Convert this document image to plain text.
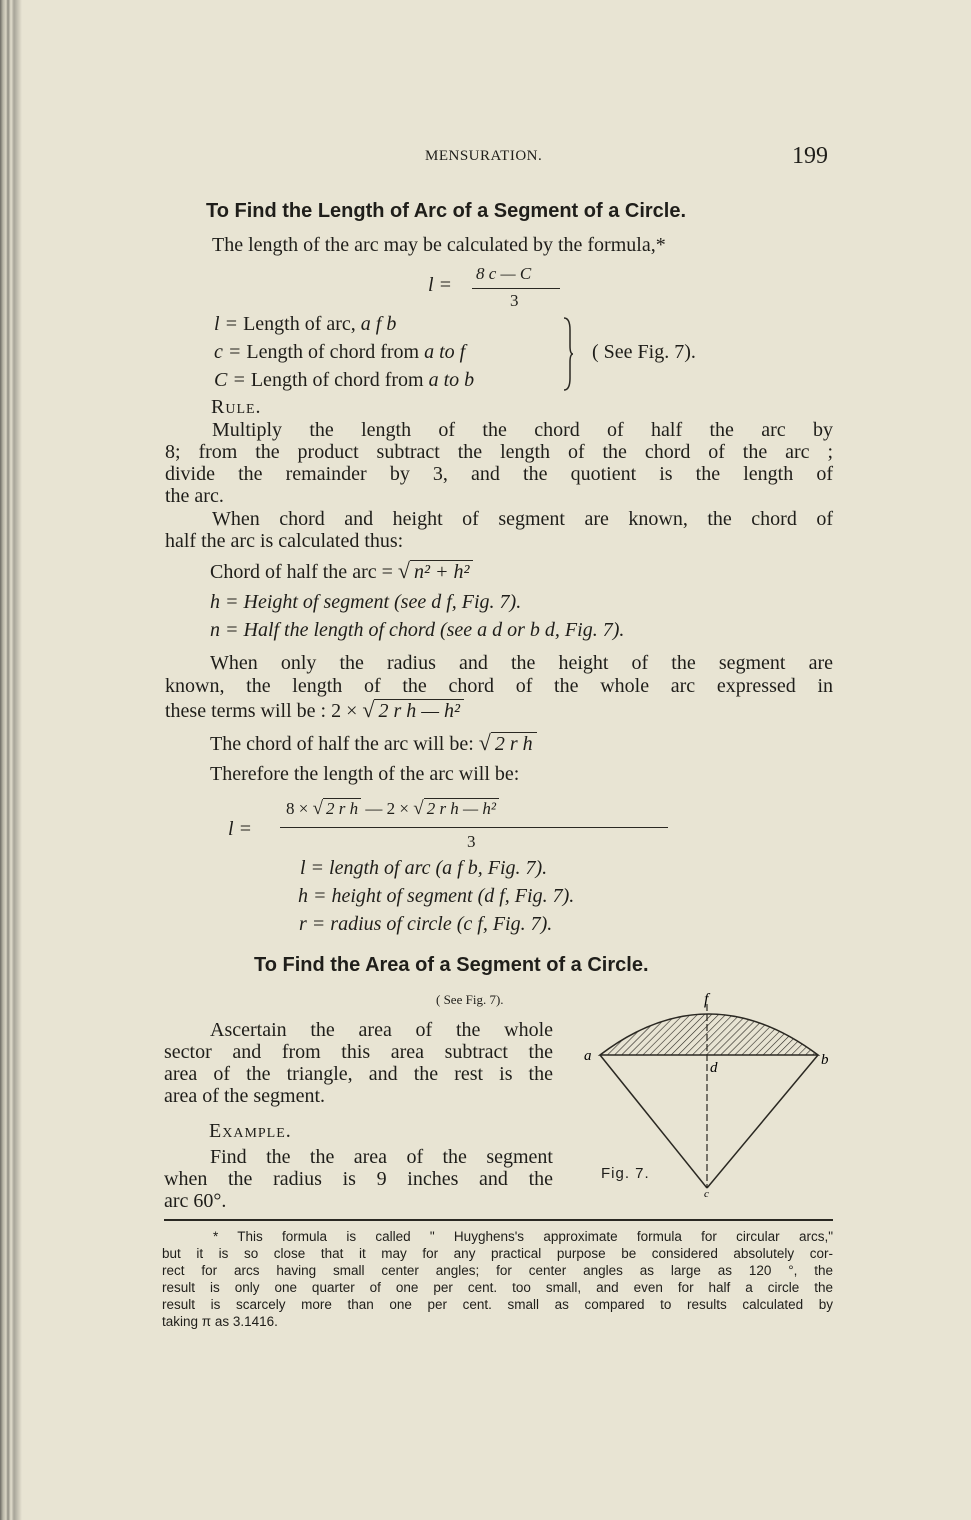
MENSURATION.	199
To Find the Length of Arc of a Segment of a Circle.
The length of the arc may be calculated by the formula,*
l =
8 c — C
3
l = Length of arc, a f b
c = Length of chord from a to f
C = Length of chord from a to b
( See Fig. 7).
Rule.
Multiply the length of the chord of half the arc by
8; from the product subtract the length of the chord of the arc ;
divide the remainder by 3, and the quotient is the length of
the arc.
When chord and height of segment are known, the chord of
half the arc is calculated thus:
Chord of half the arc = √ n² + h²
h = Height of segment (see d f, Fig. 7).
n = Half the length of chord (see a d or b d, Fig. 7).
When only the radius and the height of the segment are
known, the length of the chord of the whole arc expressed in
these terms will be : 2 × √ 2 r h — h²
The chord of half the arc will be: √ 2 r h
Therefore the length of the arc will be:
l =
8 × √ 2 r h — 2 × √ 2 r h — h²
3
l = length of arc (a f b, Fig. 7).
h = height of segment (d f, Fig. 7).
r = radius of circle (c f, Fig. 7).
To Find the Area of a Segment of a Circle.
( See Fig. 7).
Ascertain the area of the whole
sector and from this area subtract the
area of the triangle, and the rest is the
area of the segment.
Example.
Find the the area of the segment
when the radius is 9 inches and the
arc 60°.
a	b
d
f
c
Fig. 7.
* This formula is called " Huyghens's approximate formula for circular arcs,"
but it is so close that it may for any practical purpose be considered absolutely cor-
rect for arcs having small center angles; for center angles as large as 120 °, the
result is only one quarter of one per cent. too small, and even for half a circle the
result is scarcely more than one per cent. small as compared to results calculated by
taking π as 3.1416.
